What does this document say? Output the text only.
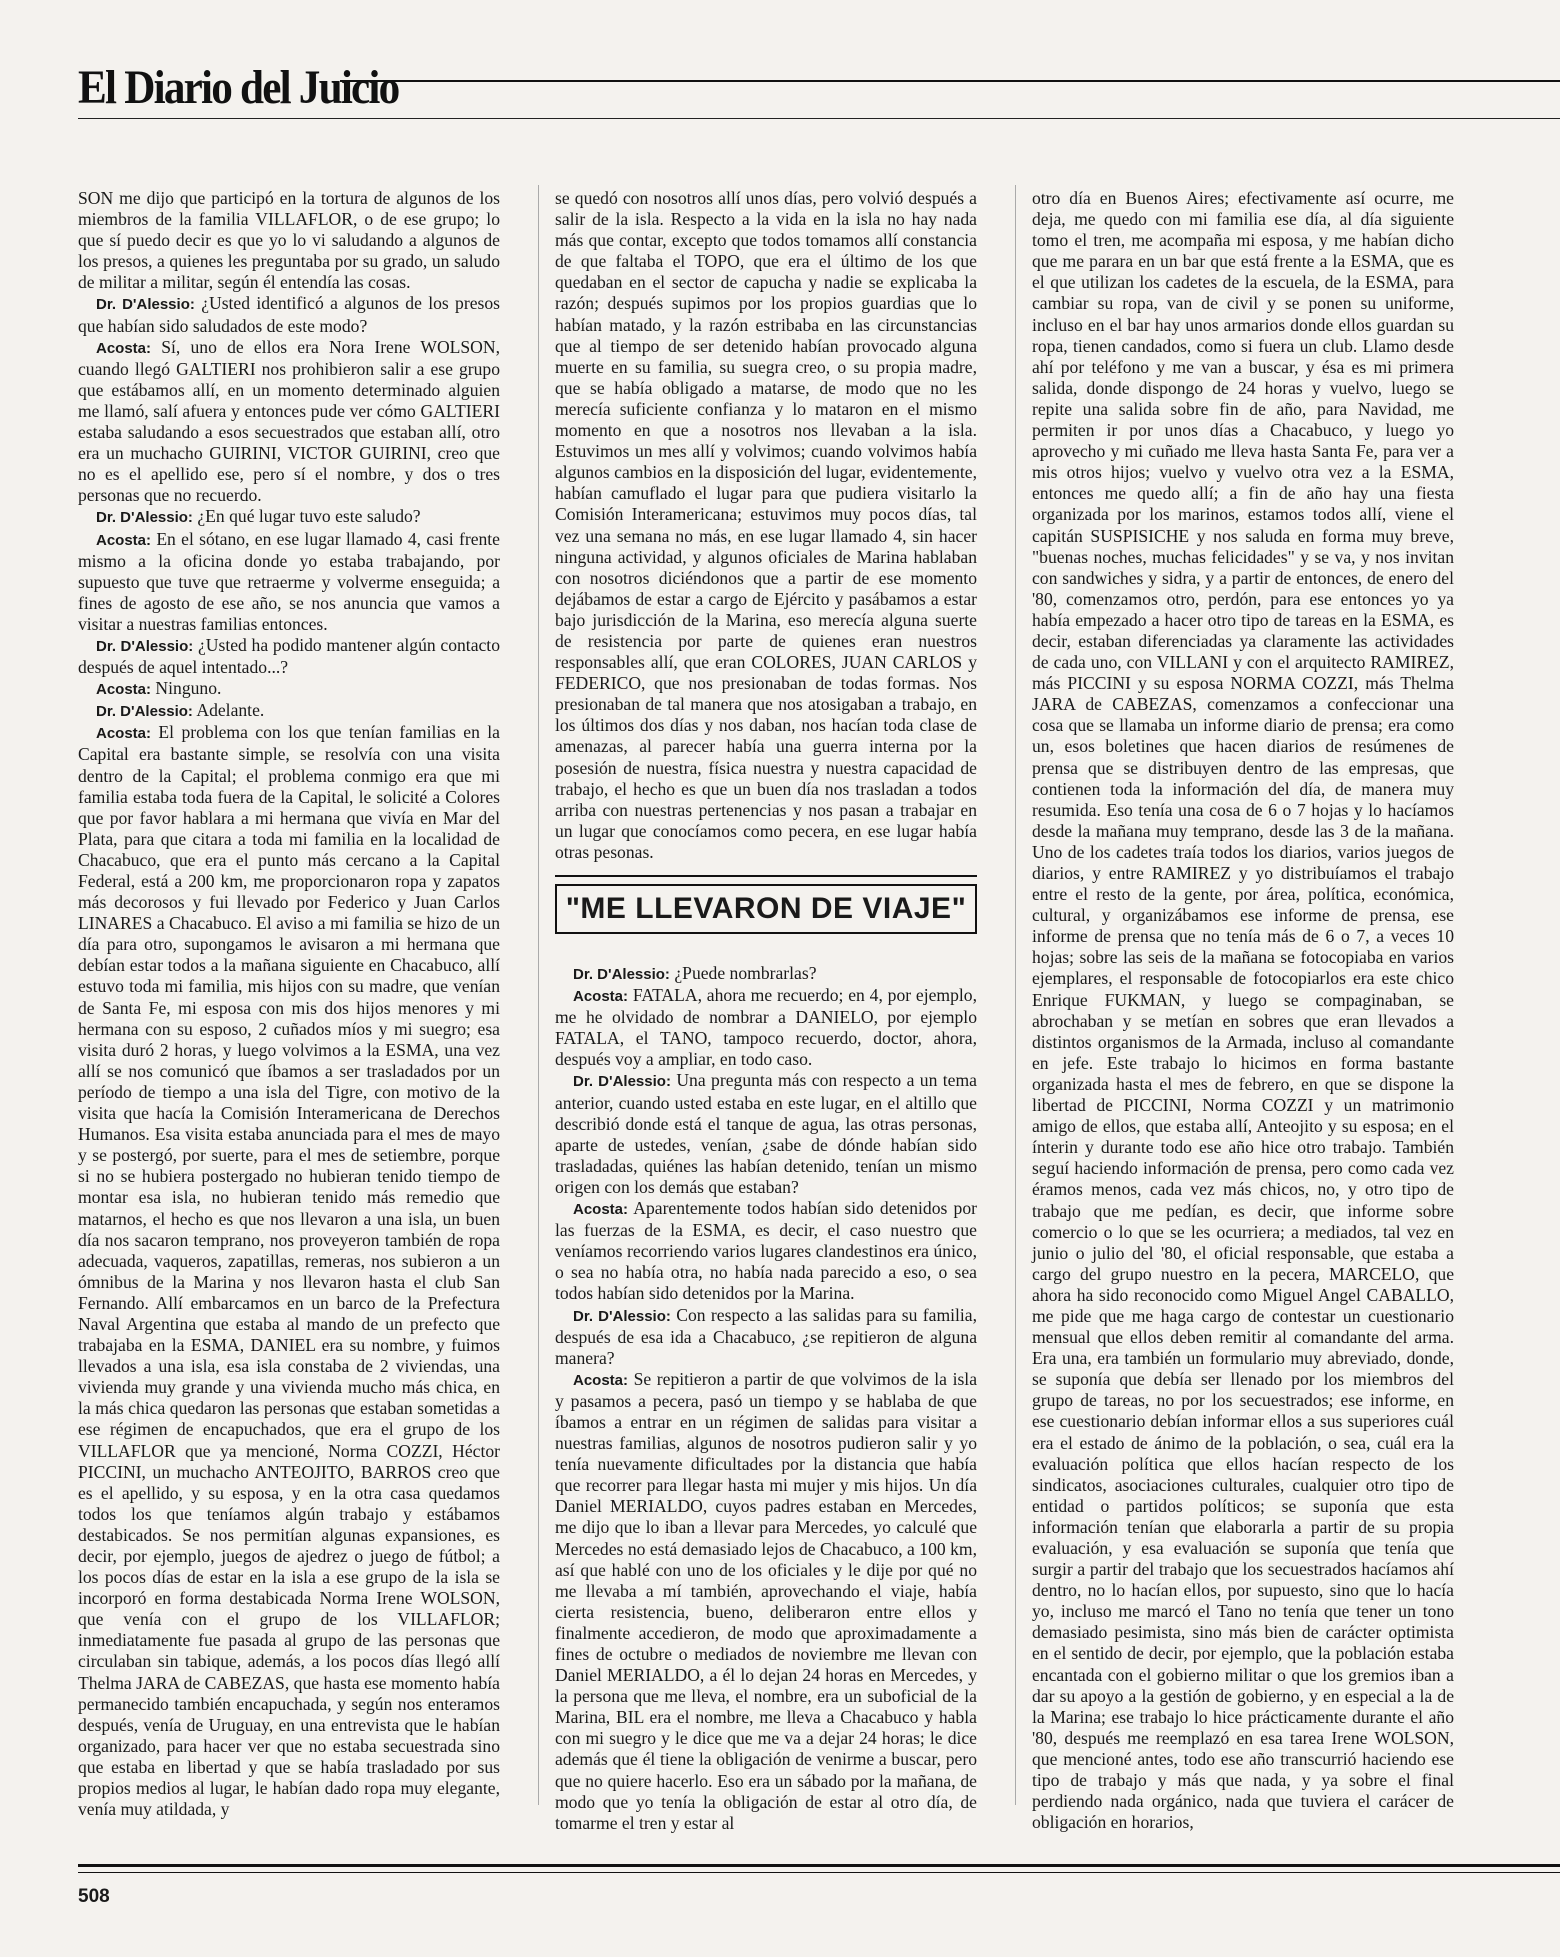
El Diario del Juicio

SON me dijo que participó en la tortura de algunos de los miembros de la familia VILLAFLOR, o de ese grupo; lo que sí puedo decir es que yo lo vi saludando a algunos de los presos, a quienes les preguntaba por su grado, un saludo de militar a militar, según él entendía las cosas.

Dr. D'Alessio: ¿Usted identificó a algunos de los presos que habían sido saludados de este modo?

Acosta: Sí, uno de ellos era Nora Irene WOLSON, cuando llegó GALTIERI nos prohibieron salir a ese grupo que estábamos allí, en un momento determinado alguien me llamó, salí afuera y entonces pude ver cómo GALTIERI estaba saludando a esos secuestrados que estaban allí, otro era un muchacho GUIRINI, VICTOR GUIRINI, creo que no es el apellido ese, pero sí el nombre, y dos o tres personas que no recuerdo.

Dr. D'Alessio: ¿En qué lugar tuvo este saludo?

Acosta: En el sótano, en ese lugar llamado 4, casi frente mismo a la oficina donde yo estaba trabajando, por supuesto que tuve que retraerme y volverme enseguida; a fines de agosto de ese año, se nos anuncia que vamos a visitar a nuestras familias entonces.

Dr. D'Alessio: ¿Usted ha podido mantener algún contacto después de aquel intentado...?

Acosta: Ninguno.

Dr. D'Alessio: Adelante.

Acosta: El problema con los que tenían familias en la Capital era bastante simple, se resolvía con una visita dentro de la Capital; el problema conmigo era que mi familia estaba toda fuera de la Capital, le solicité a Colores que por favor hablara a mi hermana que vivía en Mar del Plata, para que citara a toda mi familia en la localidad de Chacabuco, que era el punto más cercano a la Capital Federal, está a 200 km, me proporcionaron ropa y zapatos más decorosos y fui llevado por Federico y Juan Carlos LINARES a Chacabuco. El aviso a mi familia se hizo de un día para otro, supongamos le avisaron a mi hermana que debían estar todos a la mañana siguiente en Chacabuco, allí estuvo toda mi familia, mis hijos con su madre, que venían de Santa Fe, mi esposa con mis dos hijos menores y mi hermana con su esposo, 2 cuñados míos y mi suegro; esa visita duró 2 horas, y luego volvimos a la ESMA, una vez allí se nos comunicó que íbamos a ser trasladados por un período de tiempo a una isla del Tigre, con motivo de la visita que hacía la Comisión Interamericana de Derechos Humanos. Esa visita estaba anunciada para el mes de mayo y se postergó, por suerte, para el mes de setiembre, porque si no se hubiera postergado no hubieran tenido tiempo de montar esa isla, no hubieran tenido más remedio que matarnos, el hecho es que nos llevaron a una isla, un buen día nos sacaron temprano, nos proveyeron también de ropa adecuada, vaqueros, zapatillas, remeras, nos subieron a un ómnibus de la Marina y nos llevaron hasta el club San Fernando. Allí embarcamos en un barco de la Prefectura Naval Argentina que estaba al mando de un prefecto que trabajaba en la ESMA, DANIEL era su nombre, y fuimos llevados a una isla, esa isla constaba de 2 viviendas, una vivienda muy grande y una vivienda mucho más chica, en la más chica quedaron las personas que estaban sometidas a ese régimen de encapuchados, que era el grupo de los VILLAFLOR que ya mencioné, Norma COZZI, Héctor PICCINI, un muchacho ANTEOJITO, BARROS creo que es el apellido, y su esposa, y en la otra casa quedamos todos los que teníamos algún trabajo y estábamos destabicados. Se nos permitían algunas expansiones, es decir, por ejemplo, juegos de ajedrez o juego de fútbol; a los pocos días de estar en la isla a ese grupo de la isla se incorporó en forma destabicada Norma Irene WOLSON, que venía con el grupo de los VILLAFLOR; inmediatamente fue pasada al grupo de las personas que circulaban sin tabique, además, a los pocos días llegó allí Thelma JARA de CABEZAS, que hasta ese momento había permanecido también encapuchada, y según nos enteramos después, venía de Uruguay, en una entrevista que le habían organizado, para hacer ver que no estaba secuestrada sino que estaba en libertad y que se había trasladado por sus propios medios al lugar, le habían dado ropa muy elegante, venía muy atildada, y

se quedó con nosotros allí unos días, pero volvió después a salir de la isla. Respecto a la vida en la isla no hay nada más que contar, excepto que todos tomamos allí constancia de que faltaba el TOPO, que era el último de los que quedaban en el sector de capucha y nadie se explicaba la razón; después supimos por los propios guardias que lo habían matado, y la razón estribaba en las circunstancias que al tiempo de ser detenido habían provocado alguna muerte en su familia, su suegra creo, o su propia madre, que se había obligado a matarse, de modo que no les merecía suficiente confianza y lo mataron en el mismo momento en que a nosotros nos llevaban a la isla. Estuvimos un mes allí y volvimos; cuando volvimos había algunos cambios en la disposición del lugar, evidentemente, habían camuflado el lugar para que pudiera visitarlo la Comisión Interamericana; estuvimos muy pocos días, tal vez una semana no más, en ese lugar llamado 4, sin hacer ninguna actividad, y algunos oficiales de Marina hablaban con nosotros diciéndonos que a partir de ese momento dejábamos de estar a cargo de Ejército y pasábamos a estar bajo jurisdicción de la Marina, eso merecía alguna suerte de resistencia por parte de quienes eran nuestros responsables allí, que eran COLORES, JUAN CARLOS y FEDERICO, que nos presionaban de todas formas. Nos presionaban de tal manera que nos atosigaban a trabajo, en los últimos dos días y nos daban, nos hacían toda clase de amenazas, al parecer había una guerra interna por la posesión de nuestra, física nuestra y nuestra capacidad de trabajo, el hecho es que un buen día nos trasladan a todos arriba con nuestras pertenencias y nos pasan a trabajar en un lugar que conocíamos como pecera, en ese lugar había otras pesonas.

Dr. D'Alessio: ¿Puede nombrarlas?

Acosta: FATALA, ahora me recuerdo; en 4, por ejemplo, me he olvidado de nombrar a DANIELO, por ejemplo FATALA, el TANO, tampoco recuerdo, doctor, ahora, después voy a ampliar, en todo caso.

Dr. D'Alessio: Una pregunta más con respecto a un tema anterior, cuando usted estaba en este lugar, en el altillo que describió donde está el tanque de agua, las otras personas, aparte de ustedes, venían, ¿sabe de dónde habían sido trasladadas, quiénes las habían detenido, tenían un mismo origen con los demás que estaban?

Acosta: Aparentemente todos habían sido detenidos por las fuerzas de la ESMA, es decir, el caso nuestro que veníamos recorriendo varios lugares clandestinos era único, o sea no había otra, no había nada parecido a eso, o sea todos habían sido detenidos por la Marina.

Dr. D'Alessio: Con respecto a las salidas para su familia, después de esa ida a Chacabuco, ¿se repitieron de alguna manera?

Acosta: Se repitieron a partir de que volvimos de la isla y pasamos a pecera, pasó un tiempo y se hablaba de que íbamos a entrar en un régimen de salidas para visitar a nuestras familias, algunos de nosotros pudieron salir y yo tenía nuevamente dificultades por la distancia que había que recorrer para llegar hasta mi mujer y mis hijos. Un día Daniel MERIALDO, cuyos padres estaban en Mercedes, me dijo que lo iban a llevar para Mercedes, yo calculé que Mercedes no está demasiado lejos de Chacabuco, a 100 km, así que hablé con uno de los oficiales y le dije por qué no me llevaba a mí también, aprovechando el viaje, había cierta resistencia, bueno, deliberaron entre ellos y finalmente accedieron, de modo que aproximadamente a fines de octubre o mediados de noviembre me llevan con Daniel MERIALDO, a él lo dejan 24 horas en Mercedes, y la persona que me lleva, el nombre, era un suboficial de la Marina, BIL era el nombre, me lleva a Chacabuco y habla con mi suegro y le dice que me va a dejar 24 horas; le dice además que él tiene la obligación de venirme a buscar, pero que no quiere hacerlo. Eso era un sábado por la mañana, de modo que yo tenía la obligación de estar al otro día, de tomarme el tren y estar al

otro día en Buenos Aires; efectivamente así ocurre, me deja, me quedo con mi familia ese día, al día siguiente tomo el tren, me acompaña mi esposa, y me habían dicho que me parara en un bar que está frente a la ESMA, que es el que utilizan los cadetes de la escuela, de la ESMA, para cambiar su ropa, van de civil y se ponen su uniforme, incluso en el bar hay unos armarios donde ellos guardan su ropa, tienen candados, como si fuera un club. Llamo desde ahí por teléfono y me van a buscar, y ésa es mi primera salida, donde dispongo de 24 horas y vuelvo, luego se repite una salida sobre fin de año, para Navidad, me permiten ir por unos días a Chacabuco, y luego yo aprovecho y mi cuñado me lleva hasta Santa Fe, para ver a mis otros hijos; vuelvo y vuelvo otra vez a la ESMA, entonces me quedo allí; a fin de año hay una fiesta organizada por los marinos, estamos todos allí, viene el capitán SUSPISICHE y nos saluda en forma muy breve, "buenas noches, muchas felicidades" y se va, y nos invitan con sandwiches y sidra, y a partir de entonces, de enero del '80, comenzamos otro, perdón, para ese entonces yo ya había empezado a hacer otro tipo de tareas en la ESMA, es decir, estaban diferenciadas ya claramente las actividades de cada uno, con VILLANI y con el arquitecto RAMIREZ, más PICCINI y su esposa NORMA COZZI, más Thelma JARA de CABEZAS, comenzamos a confeccionar una cosa que se llamaba un informe diario de prensa; era como un, esos boletines que hacen diarios de resúmenes de prensa que se distribuyen dentro de las empresas, que contienen toda la información del día, de manera muy resumida. Eso tenía una cosa de 6 o 7 hojas y lo hacíamos desde la mañana muy temprano, desde las 3 de la mañana. Uno de los cadetes traía todos los diarios, varios juegos de diarios, y entre RAMIREZ y yo distribuíamos el trabajo entre el resto de la gente, por área, política, económica, cultural, y organizábamos ese informe de prensa, ese informe de prensa que no tenía más de 6 o 7, a veces 10 hojas; sobre las seis de la mañana se fotocopiaba en varios ejemplares, el responsable de fotocopiarlos era este chico Enrique FUKMAN, y luego se compaginaban, se abrochaban y se metían en sobres que eran llevados a distintos organismos de la Armada, incluso al comandante en jefe. Este trabajo lo hicimos en forma bastante organizada hasta el mes de febrero, en que se dispone la libertad de PICCINI, Norma COZZI y un matrimonio amigo de ellos, que estaba allí, Anteojito y su esposa; en el ínterin y durante todo ese año hice otro trabajo. También seguí haciendo información de prensa, pero como cada vez éramos menos, cada vez más chicos, no, y otro tipo de trabajo que me pedían, es decir, que informe sobre comercio o lo que se les ocurriera; a mediados, tal vez en junio o julio del '80, el oficial responsable, que estaba a cargo del grupo nuestro en la pecera, MARCELO, que ahora ha sido reconocido como Miguel Angel CABALLO, me pide que me haga cargo de contestar un cuestionario mensual que ellos deben remitir al comandante del arma. Era una, era también un formulario muy abreviado, donde, se suponía que debía ser llenado por los miembros del grupo de tareas, no por los secuestrados; ese informe, en ese cuestionario debían informar ellos a sus superiores cuál era el estado de ánimo de la población, o sea, cuál era la evaluación política que ellos hacían respecto de los sindicatos, asociaciones culturales, cualquier otro tipo de entidad o partidos políticos; se suponía que esta información tenían que elaborarla a partir de su propia evaluación, y esa evaluación se suponía que tenía que surgir a partir del trabajo que los secuestrados hacíamos ahí dentro, no lo hacían ellos, por supuesto, sino que lo hacía yo, incluso me marcó el Tano no tenía que tener un tono demasiado pesimista, sino más bien de carácter optimista en el sentido de decir, por ejemplo, que la población estaba encantada con el gobierno militar o que los gremios iban a dar su apoyo a la gestión de gobierno, y en especial a la de la Marina; ese trabajo lo hice prácticamente durante el año '80, después me reemplazó en esa tarea Irene WOLSON, que mencioné antes, todo ese año transcurrió haciendo ese tipo de trabajo y más que nada, y ya sobre el final perdiendo nada orgánico, nada que tuviera el carácer de obligación en horarios,

"ME LLEVARON DE VIAJE"
508
